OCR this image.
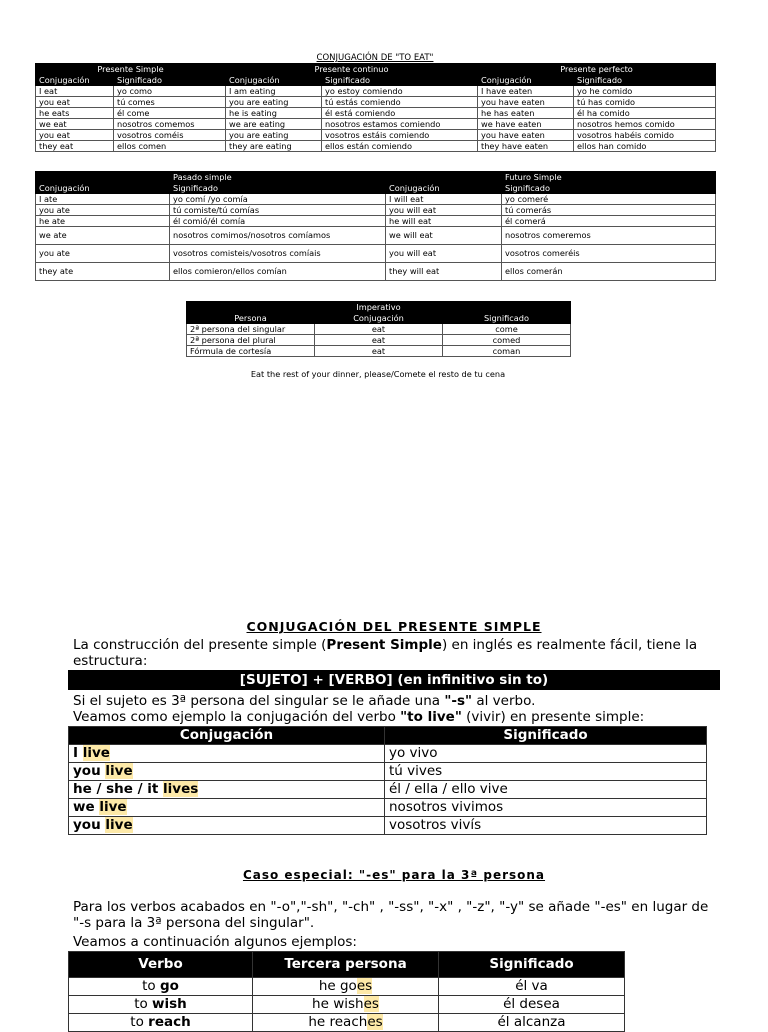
CONJUGACIÓN DE "TO EAT"
Presente Simple		Presente continuo		Presente perfecto	
Conjugación	Significado	Conjugación	Significado	Conjugación	Significado
I eat	yo como	I am eating	yo estoy comiendo	I have eaten	yo he comido
you eat	tú comes	you are eating	tú estás comiendo	you have eaten	tú has comido
he eats	él come	he is eating	él está comiendo	he has eaten	él ha comido
we eat	nosotros comemos	we are eating	nosotros estamos comiendo	we have eaten	nosotros hemos comido
you eat	vosotros coméis	you are eating	vosotros estáis comiendo	you have eaten	vosotros habéis comido
they eat	ellos comen	they are eating	ellos están comiendo	they have eaten	ellos han comido
	Pasado simple		Futuro Simple
Conjugación	Significado	Conjugación	Significado
I ate	yo comí /yo comía	I will eat	yo comeré
you ate	tú comiste/tú comías	you will eat	tú comerás
he ate	él comió/él comía	he will eat	él comerá
we ate	nosotros comimos/nosotros comíamos	we will eat	nosotros comeremos
you ate	vosotros comisteis/vosotros comíais	you will eat	vosotros comeréis
they ate	ellos comieron/ellos comían	they will eat	ellos comerán
	Imperativo	
Persona	Conjugación	Significado
2ª persona del singular	eat	come
2ª persona del plural	eat	comed
Fórmula de cortesía	eat	coman
Eat the rest of your dinner, please/Comete el resto de tu cena
CONJUGACIÓN DEL PRESENTE SIMPLE
La construcción del presente simple (Present Simple) en inglés es realmente fácil, tiene la estructura:
[SUJETO] + [VERBO] (en infinitivo sin to)
Si el sujeto es 3ª persona del singular se le añade una "-s" al verbo.
Veamos como ejemplo la conjugación del verbo "to live" (vivir) en presente simple:
Conjugación	Significado
I live	yo vivo
you live	tú vives
he / she / it lives	él / ella / ello vive
we live	nosotros vivimos
you live	vosotros vivís
Caso especial: "-es" para la 3ª persona
Para los verbos acabados en "-o","-sh", "-ch" , "-ss", "-x" , "-z", "-y" se añade "-es" en lugar de "-s para la 3ª persona del singular".
Veamos a continuación algunos ejemplos:
Verbo	Tercera persona	Significado
to go	he goes	él va
to wish	he wishes	él desea
to reach	he reaches	él alcanza
